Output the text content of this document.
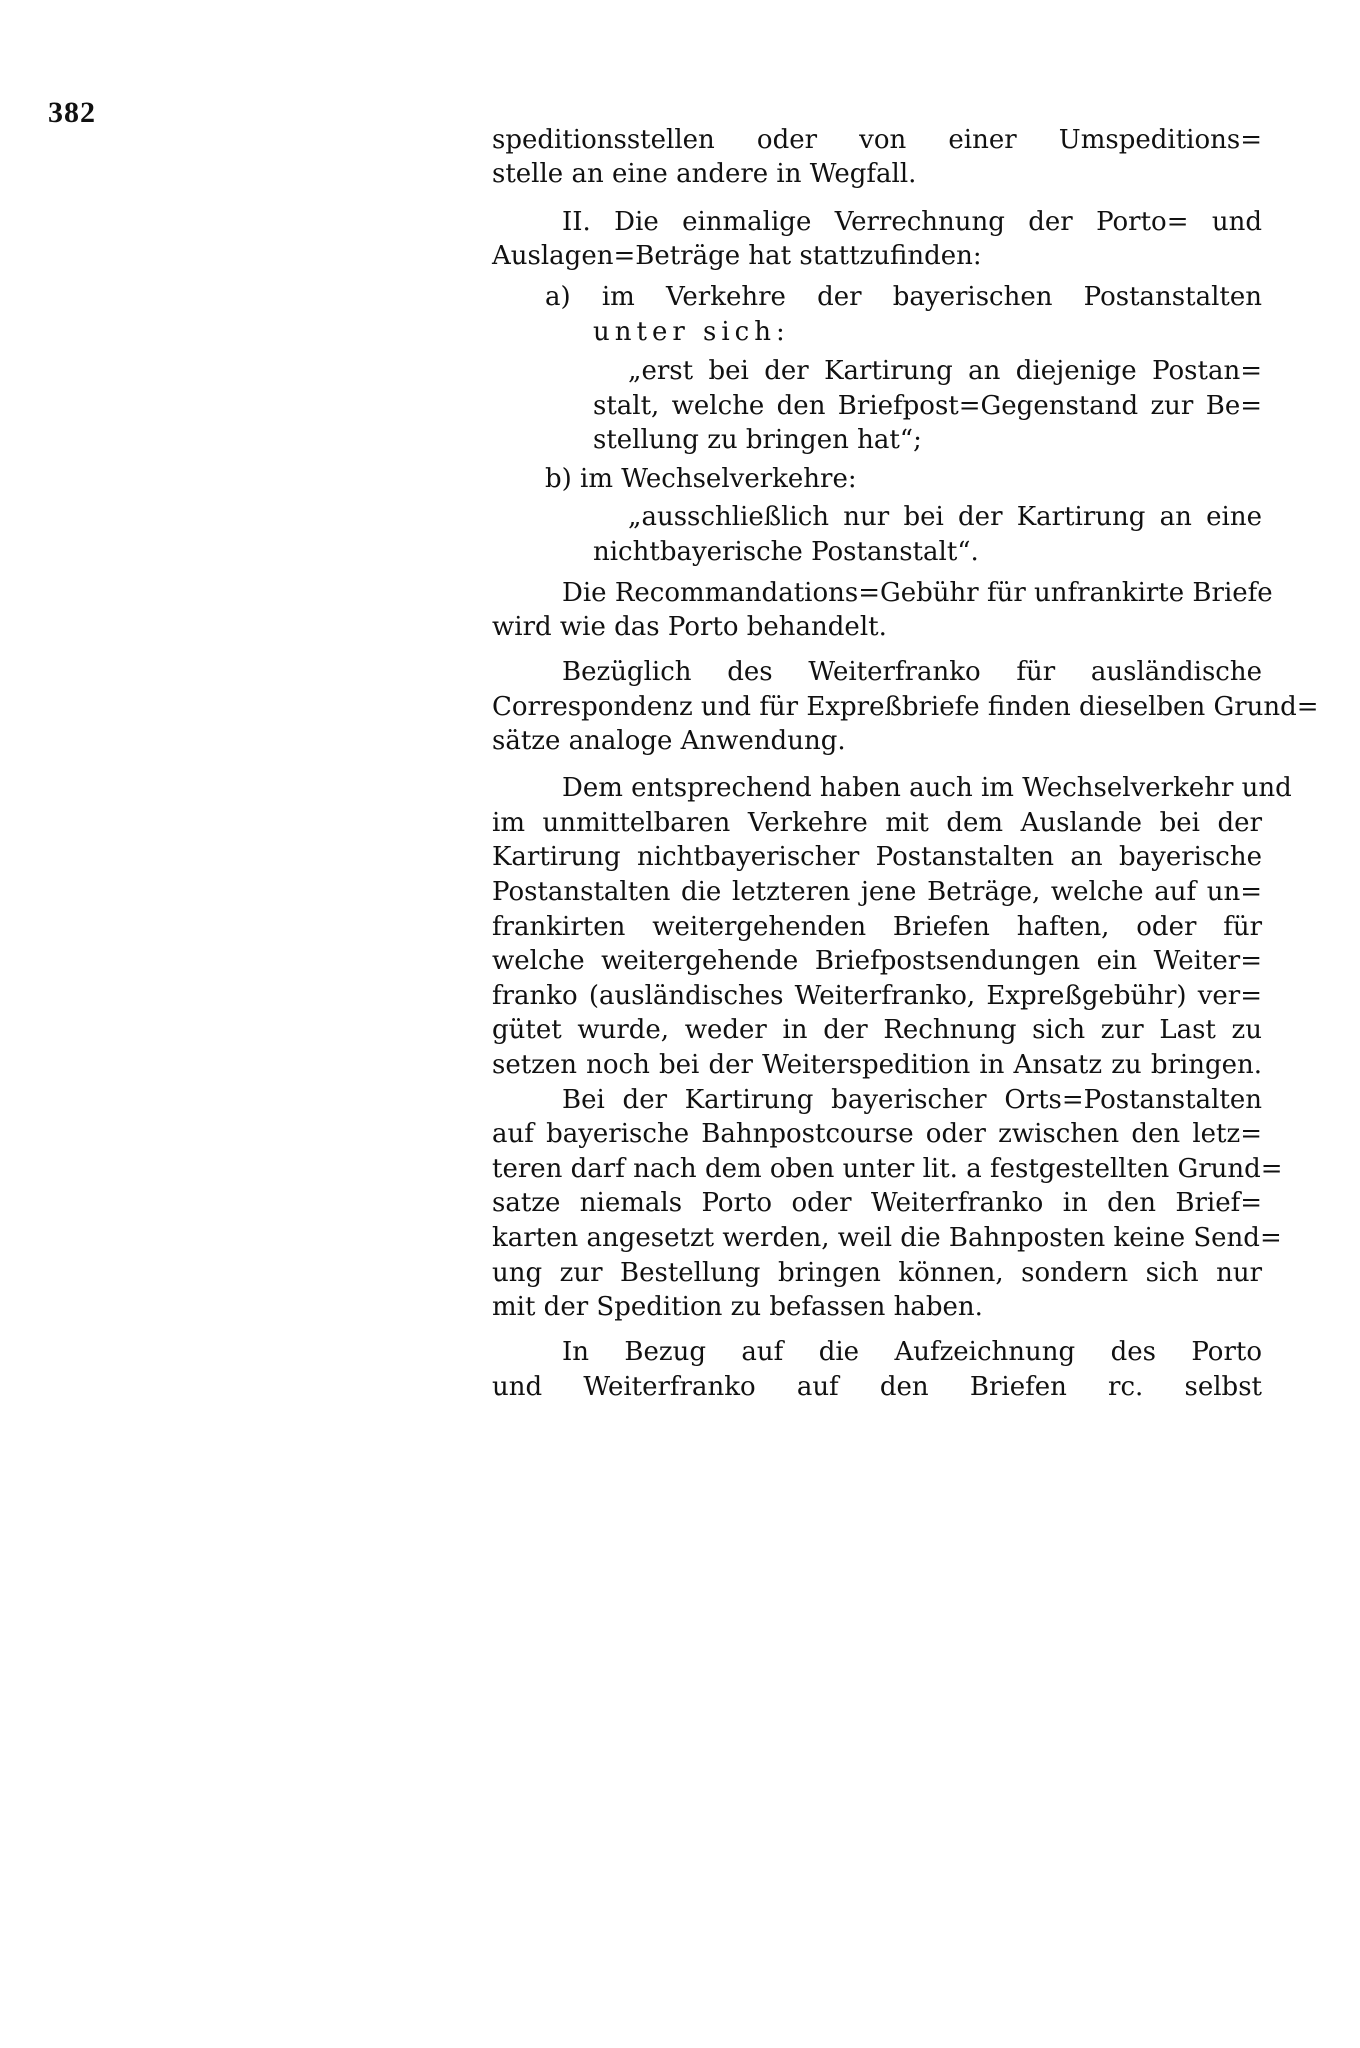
382
speditionsstellen oder von einer Umspeditions=
stelle an eine andere in Wegfall.
II. Die einmalige Verrechnung der Porto= und
Auslagen=Beträge hat stattzufinden:
a) im Verkehre der bayerischen Postanstalten
unter sich:
„erst bei der Kartirung an diejenige Postan=
stalt, welche den Briefpost=Gegenstand zur Be=
stellung zu bringen hat“;
b) im Wechselverkehre:
„ausschließlich nur bei der Kartirung an eine
nichtbayerische Postanstalt“.
Die Recommandations=Gebühr für unfrankirte Briefe
wird wie das Porto behandelt.
Bezüglich des Weiterfranko für ausländische
Correspondenz und für Expreßbriefe finden dieselben Grund=
sätze analoge Anwendung.
Dem entsprechend haben auch im Wechselverkehr und
im unmittelbaren Verkehre mit dem Auslande bei der
Kartirung nichtbayerischer Postanstalten an bayerische
Postanstalten die letzteren jene Beträge, welche auf un=
frankirten weitergehenden Briefen haften, oder für
welche weitergehende Briefpostsendungen ein Weiter=
franko (ausländisches Weiterfranko, Expreßgebühr) ver=
gütet wurde, weder in der Rechnung sich zur Last zu
setzen noch bei der Weiterspedition in Ansatz zu bringen.
Bei der Kartirung bayerischer Orts=Postanstalten
auf bayerische Bahnpostcourse oder zwischen den letz=
teren darf nach dem oben unter lit. a festgestellten Grund=
satze niemals Porto oder Weiterfranko in den Brief=
karten angesetzt werden, weil die Bahnposten keine Send=
ung zur Bestellung bringen können, sondern sich nur
mit der Spedition zu befassen haben.
In Bezug auf die Aufzeichnung des Porto
und Weiterfranko auf den Briefen rc. selbst
